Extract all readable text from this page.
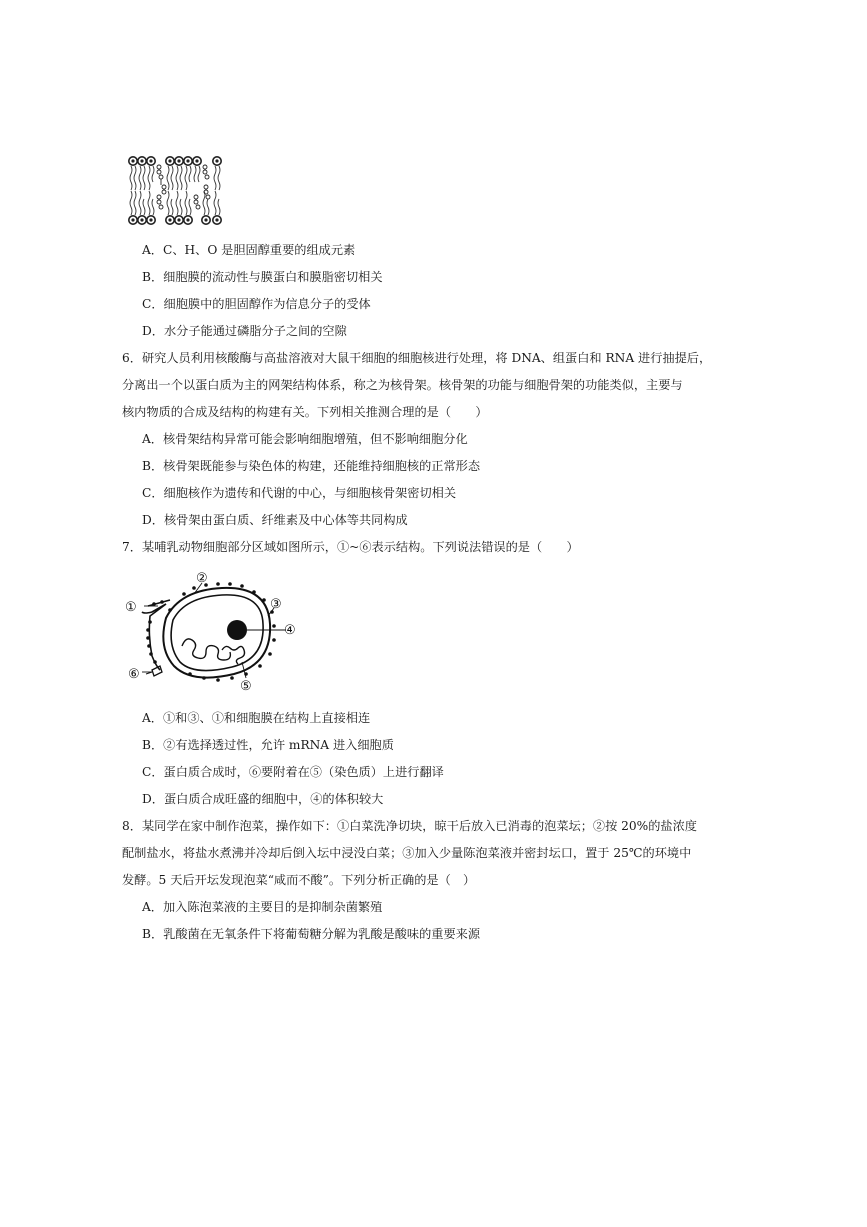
A．C、H、O 是胆固醇重要的组成元素
B．细胞膜的流动性与膜蛋白和膜脂密切相关
C．细胞膜中的胆固醇作为信息分子的受体
D．水分子能通过磷脂分子之间的空隙
6．研究人员利用核酸酶与高盐溶液对大鼠干细胞的细胞核进行处理，将 DNA、组蛋白和 RNA 进行抽提后，
分离出一个以蛋白质为主的网架结构体系，称之为核骨架。核骨架的功能与细胞骨架的功能类似，主要与
核内物质的合成及结构的构建有关。下列相关推测合理的是（　　）
A．核骨架结构异常可能会影响细胞增殖，但不影响细胞分化
B．核骨架既能参与染色体的构建，还能维持细胞核的正常形态
C．细胞核作为遗传和代谢的中心，与细胞核骨架密切相关
D．核骨架由蛋白质、纤维素及中心体等共同构成
7．某哺乳动物细胞部分区域如图所示，①~⑥表示结构。下列说法错误的是（　　）
①
②
③
④
⑤
⑥
A．①和③、①和细胞膜在结构上直接相连
B．②有选择透过性，允许 mRNA 进入细胞质
C．蛋白质合成时，⑥要附着在⑤（染色质）上进行翻译
D．蛋白质合成旺盛的细胞中，④的体积较大
8．某同学在家中制作泡菜，操作如下：①白菜洗净切块，晾干后放入已消毒的泡菜坛；②按 20%的盐浓度
配制盐水，将盐水煮沸并冷却后倒入坛中浸没白菜；③加入少量陈泡菜液并密封坛口，置于 25℃的环境中
发酵。5 天后开坛发现泡菜“咸而不酸”。下列分析正确的是（　）
A．加入陈泡菜液的主要目的是抑制杂菌繁殖
B．乳酸菌在无氧条件下将葡萄糖分解为乳酸是酸味的重要来源
